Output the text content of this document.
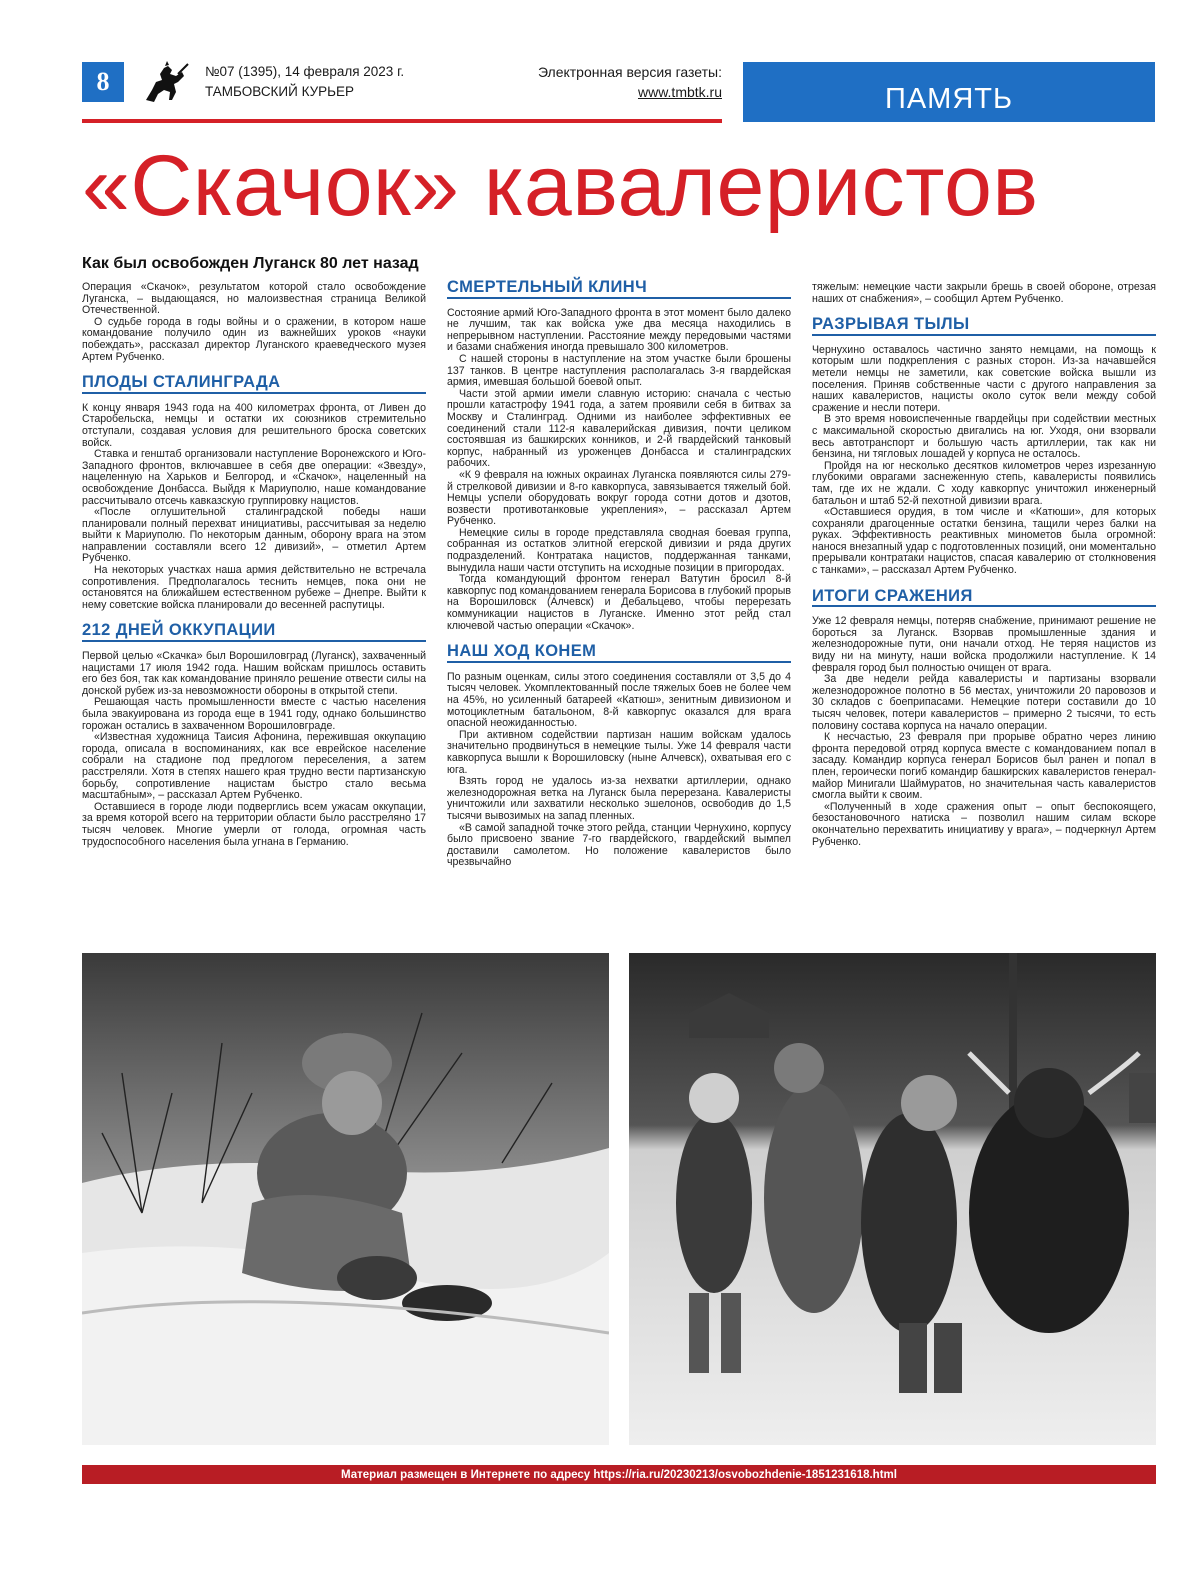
8	№07 (1395), 14 февраля 2023 г.
ТАМБОВСКИЙ КУРЬЕР
Электронная версия газеты:
www.tmbtk.ru	ПАМЯТЬ
«Скачок» кавалеристов
Как был освобожден Луганск 80 лет назад

Операция «Скачок», результатом которой стало освобождение Луганска, – выдающаяся, но малоизвестная страница Великой Отечественной.

О судьбе города в годы войны и о сражении, в котором наше командование получило один из важнейших уроков «науки побеждать», рассказал директор Луганского краеведческого музея Артем Рубченко.

ПЛОДЫ СТАЛИНГРАДА

К концу января 1943 года на 400 километрах фронта, от Ливен до Старобельска, немцы и остатки их союзников стремительно отступали, создавая условия для решительного броска советских войск.

Ставка и генштаб организовали наступление Воронежского и Юго-Западного фронтов, включавшее в себя две операции: «Звезду», нацеленную на Харьков и Белгород, и «Скачок», нацеленный на освобождение Донбасса. Выйдя к Мариуполю, наше командование рассчитывало отсечь кавказскую группировку нацистов.

«После оглушительной сталинградской победы наши планировали полный перехват инициативы, рассчитывая за неделю выйти к Мариуполю. По некоторым данным, оборону врага на этом направлении составляли всего 12 дивизий», – отметил Артем Рубченко.

На некоторых участках наша армия действительно не встречала сопротивления. Предполагалось теснить немцев, пока они не остановятся на ближайшем естественном рубеже – Днепре. Выйти к нему советские войска планировали до весенней распутицы.

212 ДНЕЙ ОККУПАЦИИ

Первой целью «Скачка» был Ворошиловград (Луганск), захваченный нацистами 17 июля 1942 года. Нашим войскам пришлось оставить его без боя, так как командование приняло решение отвести силы на донской рубеж из-за невозможности обороны в открытой степи.

Решающая часть промышленности вместе с частью населения была эвакуирована из города еще в 1941 году, однако большинство горожан остались в захваченном Ворошиловграде.

«Известная художница Таисия Афонина, пережившая оккупацию города, описала в воспоминаниях, как все еврейское население собрали на стадионе под предлогом переселения, а затем расстреляли. Хотя в степях нашего края трудно вести партизанскую борьбу, сопротивление нацистам быстро стало весьма масштабным», – рассказал Артем Рубченко.

Оставшиеся в городе люди подверглись всем ужасам оккупации, за время которой всего на территории области было расстреляно 17 тысяч человек. Многие умерли от голода, огромная часть трудоспособного населения была угнана в Германию.

СМЕРТЕЛЬНЫЙ КЛИНЧ

Состояние армий Юго-Западного фронта в этот момент было далеко не лучшим, так как войска уже два месяца находились в непрерывном наступлении. Расстояние между передовыми частями и базами снабжения иногда превышало 300 километров.

С нашей стороны в наступление на этом участке были брошены 137 танков. В центре наступления располагалась 3-я гвардейская армия, имевшая большой боевой опыт.

Части этой армии имели славную историю: сначала с честью прошли катастрофу 1941 года, а затем проявили себя в битвах за Москву и Сталинград. Одними из наиболее эффективных ее соединений стали 112-я кавалерийская дивизия, почти целиком состоявшая из башкирских конников, и 2-й гвардейский танковый корпус, набранный из уроженцев Донбасса и сталинградских рабочих.

«К 9 февраля на южных окраинах Луганска появляются силы 279-й стрелковой дивизии и 8-го кавкорпуса, завязывается тяжелый бой. Немцы успели оборудовать вокруг города сотни дотов и дзотов, возвести противотанковые укрепления», – рассказал Артем Рубченко.

Немецкие силы в городе представляла сводная боевая группа, собранная из остатков элитной егерской дивизии и ряда других подразделений. Контратака нацистов, поддержанная танками, вынудила наши части отступить на исходные позиции в пригородах.

Тогда командующий фронтом генерал Ватутин бросил 8-й кавкорпус под командованием генерала Борисова в глубокий прорыв на Ворошиловск (Алчевск) и Дебальцево, чтобы перерезать коммуникации нацистов в Луганске. Именно этот рейд стал ключевой частью операции «Скачок».

НАШ ХОД КОНЕМ

По разным оценкам, силы этого соединения составляли от 3,5 до 4 тысяч человек. Укомплектованный после тяжелых боев не более чем на 45%, но усиленный батареей «Катюш», зенитным дивизионом и мотоциклетным батальоном, 8-й кавкорпус оказался для врага опасной неожиданностью.

При активном содействии партизан нашим войскам удалось значительно продвинуться в немецкие тылы. Уже 14 февраля части кавкорпуса вышли к Ворошиловску (ныне Алчевск), охватывая его с юга.

Взять город не удалось из-за нехватки артиллерии, однако железнодорожная ветка на Луганск была перерезана. Кавалеристы уничтожили или захватили несколько эшелонов, освободив до 1,5 тысячи вывозимых на запад пленных.

«В самой западной точке этого рейда, станции Чернухино, корпусу было присвоено звание 7-го гвардейского, гвардейский вымпел доставили самолетом. Но положение кавалеристов было чрезвычайно

тяжелым: немецкие части закрыли брешь в своей обороне, отрезая наших от снабжения», – сообщил Артем Рубченко.

РАЗРЫВАЯ ТЫЛЫ

Чернухино оставалось частично занято немцами, на помощь к которым шли подкрепления с разных сторон. Из-за начавшейся метели немцы не заметили, как советские войска вышли из поселения. Приняв собственные части с другого направления за наших кавалеристов, нацисты около суток вели между собой сражение и несли потери.

В это время новоиспеченные гвардейцы при содействии местных с максимальной скоростью двигались на юг. Уходя, они взорвали весь автотранспорт и большую часть артиллерии, так как ни бензина, ни тягловых лошадей у корпуса не осталось.

Пройдя на юг несколько десятков километров через изрезанную глубокими оврагами заснеженную степь, кавалеристы появились там, где их не ждали. С ходу кавкорпус уничтожил инженерный батальон и штаб 52-й пехотной дивизии врага.

«Оставшиеся орудия, в том числе и «Катюши», для которых сохраняли драгоценные остатки бензина, тащили через балки на руках. Эффективность реактивных минометов была огромной: нанося внезапный удар с подготовленных позиций, они моментально прерывали контратаки нацистов, спасая кавалерию от столкновения с танками», – рассказал Артем Рубченко.

ИТОГИ СРАЖЕНИЯ

Уже 12 февраля немцы, потеряв снабжение, принимают решение не бороться за Луганск. Взорвав промышленные здания и железнодорожные пути, они начали отход. Не теряя нацистов из виду ни на минуту, наши войска продолжили наступление. К 14 февраля город был полностью очищен от врага.

За две недели рейда кавалеристы и партизаны взорвали железнодорожное полотно в 56 местах, уничтожили 20 паровозов и 30 складов с боеприпасами. Немецкие потери составили до 10 тысяч человек, потери кавалеристов – примерно 2 тысячи, то есть половину состава корпуса на начало операции.

К несчастью, 23 февраля при прорыве обратно через линию фронта передовой отряд корпуса вместе с командованием попал в засаду. Командир корпуса генерал Борисов был ранен и попал в плен, героически погиб командир башкирских кавалеристов генерал-майор Минигали Шаймуратов, но значительная часть кавалеристов смогла выйти к своим.

«Полученный в ходе сражения опыт – опыт беспокоящего, безостановочного натиска – позволил нашим силам вскоре окончательно перехватить инициативу у врага», – подчеркнул Артем Рубченко.

Материал размещен в Интернете по адресу https://ria.ru/20230213/osvobozhdenie-1851231618.html
